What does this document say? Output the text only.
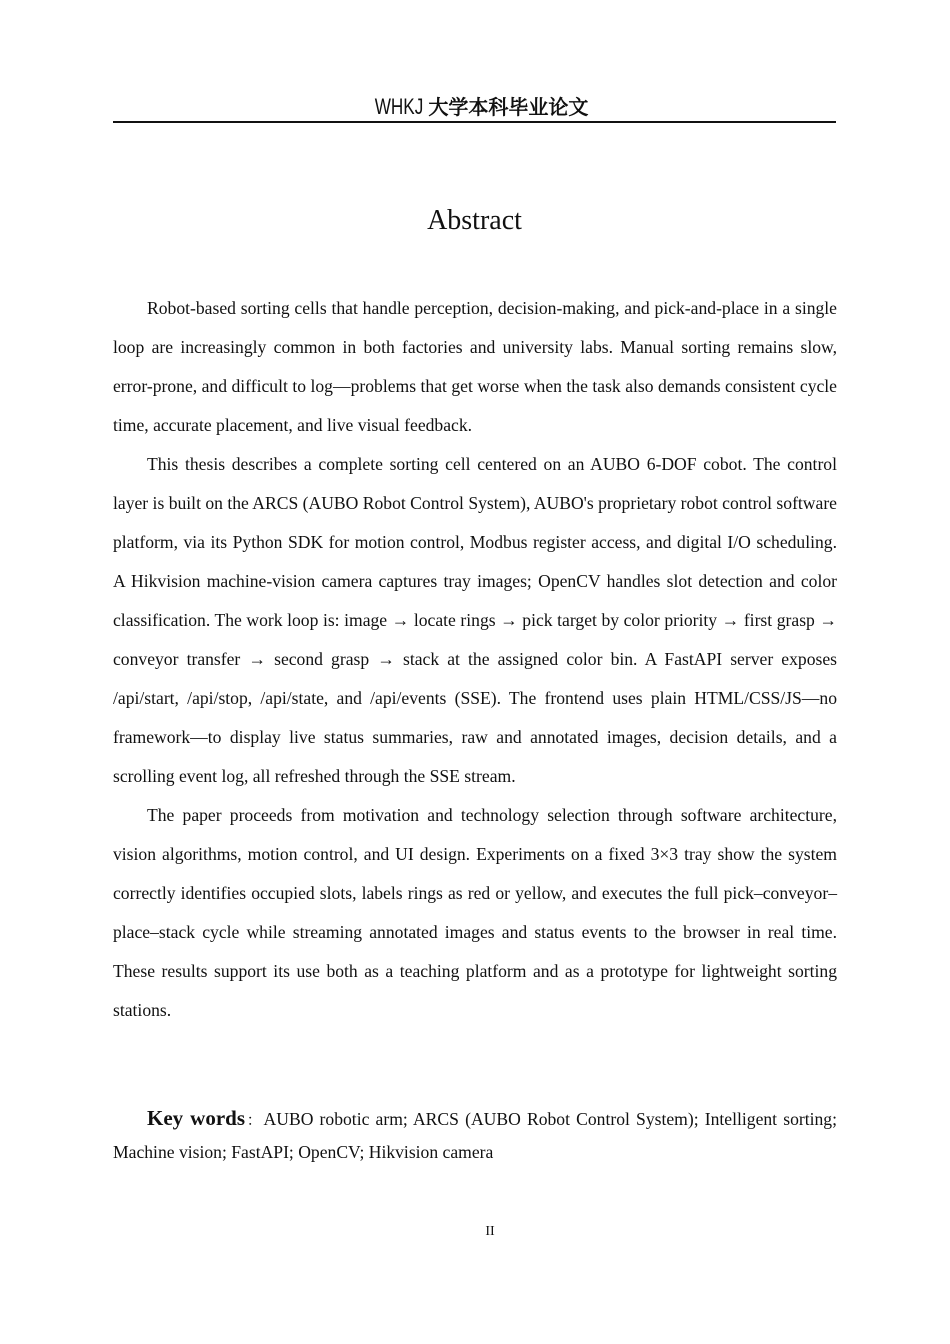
WHKJ 大学本科毕业论文
Abstract

Robot-based sorting cells that handle perception, decision-making, and pick-and-place in a single loop are increasingly common in both factories and university labs. Manual sorting remains slow, error-prone, and difficult to log—problems that get worse when the task also demands consistent cycle time, accurate placement, and live visual feedback.

This thesis describes a complete sorting cell centered on an AUBO 6-DOF cobot. The control layer is built on the ARCS (AUBO Robot Control System), AUBO's proprietary robot control software platform, via its Python SDK for motion control, Modbus register access, and digital I/O scheduling. A Hikvision machine-vision camera captures tray images; OpenCV handles slot detection and color classification. The work loop is: image → locate rings → pick target by color priority → first grasp → conveyor transfer → second grasp → stack at the assigned color bin. A FastAPI server exposes /api/start, /api/stop, /api/state, and /api/events (SSE). The frontend uses plain HTML/CSS/JS—no framework—to display live status summaries, raw and annotated images, decision details, and a scrolling event log, all refreshed through the SSE stream.

The paper proceeds from motivation and technology selection through software architecture, vision algorithms, motion control, and UI design. Experiments on a fixed 3×3 tray show the system correctly identifies occupied slots, labels rings as red or yellow, and executes the full pick–conveyor–place–stack cycle while streaming annotated images and status events to the browser in real time. These results support its use both as a teaching platform and as a prototype for lightweight sorting stations.

Key words：AUBO robotic arm; ARCS (AUBO Robot Control System); Intelligent sorting; Machine vision; FastAPI; OpenCV; Hikvision camera
II
